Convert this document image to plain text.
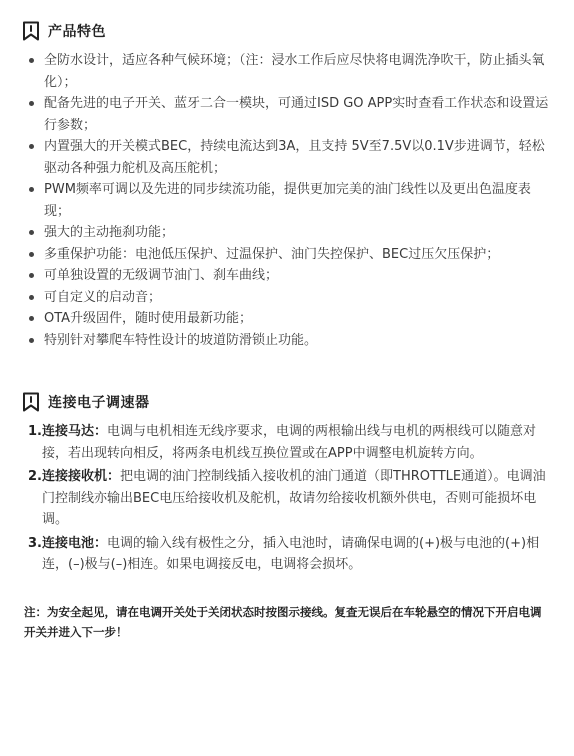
产品特色
全防水设计，适应各种气候环境；（注：浸水工作后应尽快将电调洗净吹干，防止插头氧化）；
配备先进的电子开关、蓝牙二合一模块，可通过ISD GO APP实时查看工作状态和设置运行参数；
内置强大的开关模式BEC，持续电流达到3A，且支持 5V至7.5V以0.1V步进调节，轻松驱动各种强力舵机及高压舵机；
PWM频率可调以及先进的同步续流功能，提供更加完美的油门线性以及更出色温度表现；
强大的主动拖刹功能；
多重保护功能：电池低压保护、过温保护、油门失控保护、BEC过压欠压保护；
可单独设置的无级调节油门、刹车曲线；
可自定义的启动音；
OTA升级固件，随时使用最新功能；
特别针对攀爬车特性设计的坡道防滑锁止功能。
连接电子调速器
1. 连接马达：电调与电机相连无线序要求，电调的两根输出线与电机的两根线可以随意对接，若出现转向相反，将两条电机线互换位置或在APP中调整电机旋转方向。
2. 连接接收机：把电调的油门控制线插入接收机的油门通道（即THROTTLE通道）。电调油门控制线亦输出BEC电压给接收机及舵机，故请勿给接收机额外供电，否则可能损坏电调。
3. 连接电池：电调的输入线有极性之分，插入电池时，请确保电调的(+)极与电池的(+)相连，(–)极与(–)相连。如果电调接反电，电调将会损坏。
注：为安全起见，请在电调开关处于关闭状态时按图示接线。复查无误后在车轮悬空的情况下开启电调开关并进入下一步！
